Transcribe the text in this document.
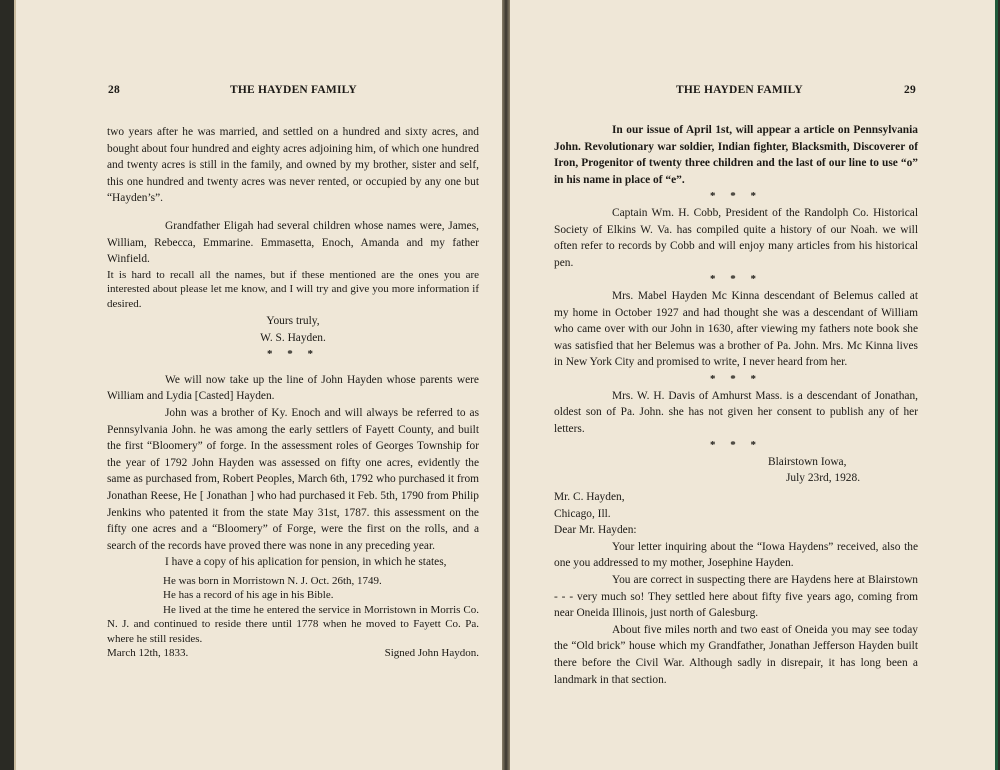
28	THE HAYDEN FAMILY

two years after he was married, and settled on a hundred and sixty acres, and bought about four hundred and eighty acres adjoining him, of which one hundred and twenty acres is still in the family, and owned by my brother, sister and self, this one hundred and twenty acres was never rented, or occupied by any one but “Hayden’s”.

Grandfather Eligah had several children whose names were, James, William, Rebecca, Emmarine. Emmasetta, Enoch, Amanda and my father Winfield.

It is hard to recall all the names, but if these mentioned are the ones you are interested about please let me know, and I will try and give you more information if desired.

Yours truly,

W. S. Hayden.

* * *

We will now take up the line of John Hayden whose parents were William and Lydia [Casted] Hayden.

John was a brother of Ky. Enoch and will always be referred to as Pennsylvania John. he was among the early settlers of Fayett County, and built the first “Bloomery” of forge. In the assessment roles of Georges Township for the year of 1792 John Hayden was assessed on fifty one acres, evidently the same as purchased from, Robert Peoples, March 6th, 1792 who purchased it from Jonathan Reese, He [ Jonathan ] who had purchased it Feb. 5th, 1790 from Philip Jenkins who patented it from the state May 31st, 1787. this assessment on the fifty one acres and a “Bloomery” of Forge, were the first on the rolls, and a search of the records have proved there was none in any preceding year.

I have a copy of his aplication for pension, in which he states,

He was born in Morristown N. J. Oct. 26th, 1749.

He has a record of his age in his Bible.

He lived at the time he entered the service in Morristown in Morris Co. N. J. and continued to reside there until 1778 when he moved to Fayett Co. Pa. where he still resides.

March 12th, 1833.	Signed John Haydon.
THE HAYDEN FAMILY	29

In our issue of April 1st, will appear a article on Pennsylvania John. Revolutionary war soldier, Indian fighter, Blacksmith, Discoverer of Iron, Progenitor of twenty three children and the last of our line to use “o” in his name in place of “e”.

* * *

Captain Wm. H. Cobb, President of the Randolph Co. Historical Society of Elkins W. Va. has compiled quite a history of our Noah. we will often refer to records by Cobb and will enjoy many articles from his historical pen.

* * *

Mrs. Mabel Hayden Mc Kinna descendant of Belemus called at my home in October 1927 and had thought she was a descendant of William who came over with our John in 1630, after viewing my fathers note book she was satisfied that her Belemus was a brother of Pa. John. Mrs. Mc Kinna lives in New York City and promised to write, I never heard from her.

* * *

Mrs. W. H. Davis of Amhurst Mass. is a descendant of Jonathan, oldest son of Pa. John. she has not given her consent to publish any of her letters.

* * *

Blairstown Iowa,

July 23rd, 1928.

Mr. C. Hayden,

Chicago, Ill.

Dear Mr. Hayden:

Your letter inquiring about the “Iowa Haydens” received, also the one you addressed to my mother, Josephine Hayden.

You are correct in suspecting there are Haydens here at Blairstown - - - very much so! They settled here about fifty five years ago, coming from near Oneida Illinois, just north of Galesburg.

About five miles north and two east of Oneida you may see today the “Old brick” house which my Grandfather, Jonathan Jefferson Hayden built there before the Civil War. Although sadly in disrepair, it has long been a landmark in that section.
